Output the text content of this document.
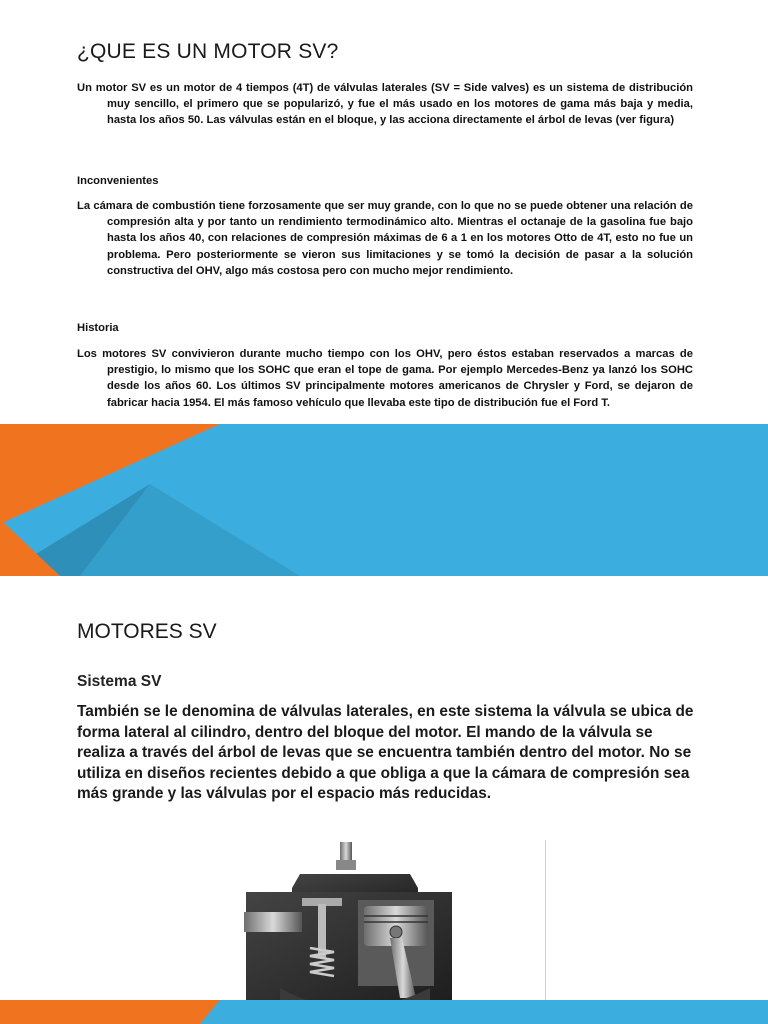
¿QUE ES UN MOTOR SV?

Un motor SV es un motor de 4 tiempos (4T) de válvulas laterales (SV = Side valves) es un sistema de distribución muy sencillo, el primero que se popularizó, y fue el más usado en los motores de gama más baja y media, hasta los años 50. Las válvulas están en el bloque, y las acciona directamente el árbol de levas (ver figura)

Inconvenientes

La cámara de combustión tiene forzosamente que ser muy grande, con lo que no se puede obtener una relación de compresión alta y por tanto un rendimiento termodinámico alto. Mientras el octanaje de la gasolina fue bajo hasta los años 40, con relaciones de compresión máximas de 6 a 1 en los motores Otto de 4T, esto no fue un problema. Pero posteriormente se vieron sus limitaciones y se tomó la decisión de pasar a la solución constructiva del OHV, algo más costosa pero con mucho mejor rendimiento.

Historia

Los motores SV convivieron durante mucho tiempo con los OHV, pero éstos estaban reservados a marcas de prestigio, lo mismo que los SOHC que eran el tope de gama. Por ejemplo Mercedes-Benz ya lanzó los SOHC desde los años 60. Los últimos SV principalmente motores americanos de Chrysler y Ford, se dejaron de fabricar hacia 1954. El más famoso vehículo que llevaba este tipo de distribución fue el Ford T.

MOTORES SV
Sistema SV

También se le denomina de válvulas laterales, en este sistema la válvula se ubica de forma lateral al cilindro, dentro del bloque del motor. El mando de la válvula se realiza a través del árbol de levas que se encuentra también dentro del motor. No se utiliza en diseños recientes debido a que obliga a que la cámara de compresión sea más grande y las válvulas por el espacio más reducidas.
